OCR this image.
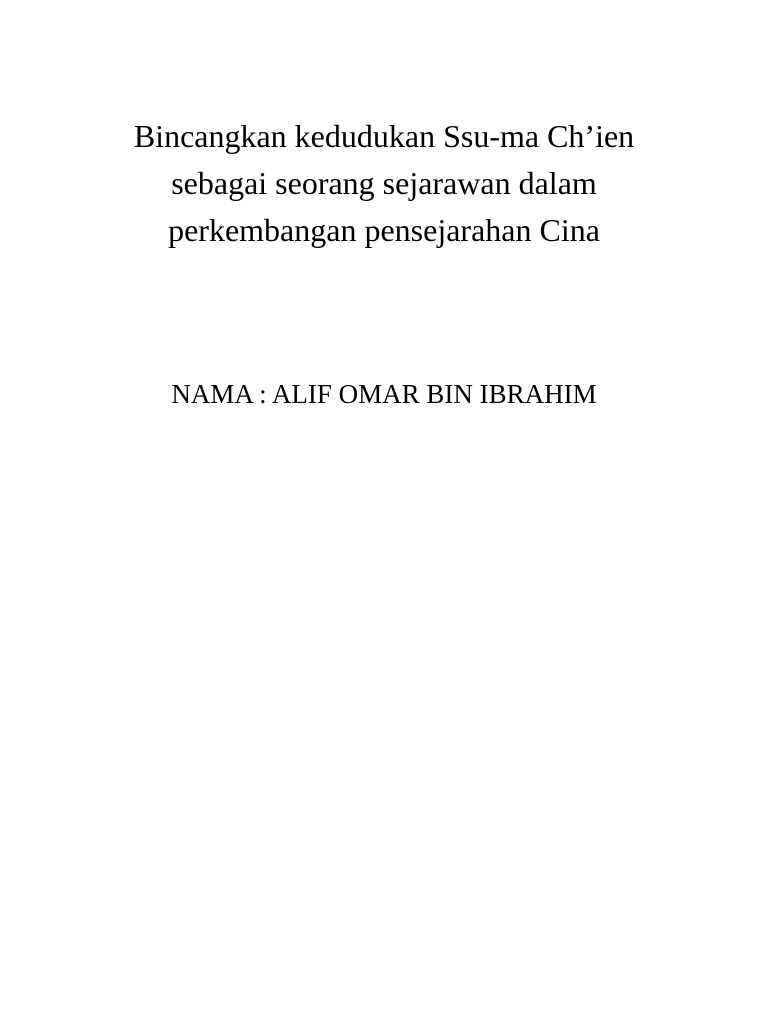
Bincangkan kedudukan Ssu-ma Ch’ien
sebagai seorang sejarawan dalam
perkembangan pensejarahan Cina
NAMA : ALIF OMAR BIN IBRAHIM
